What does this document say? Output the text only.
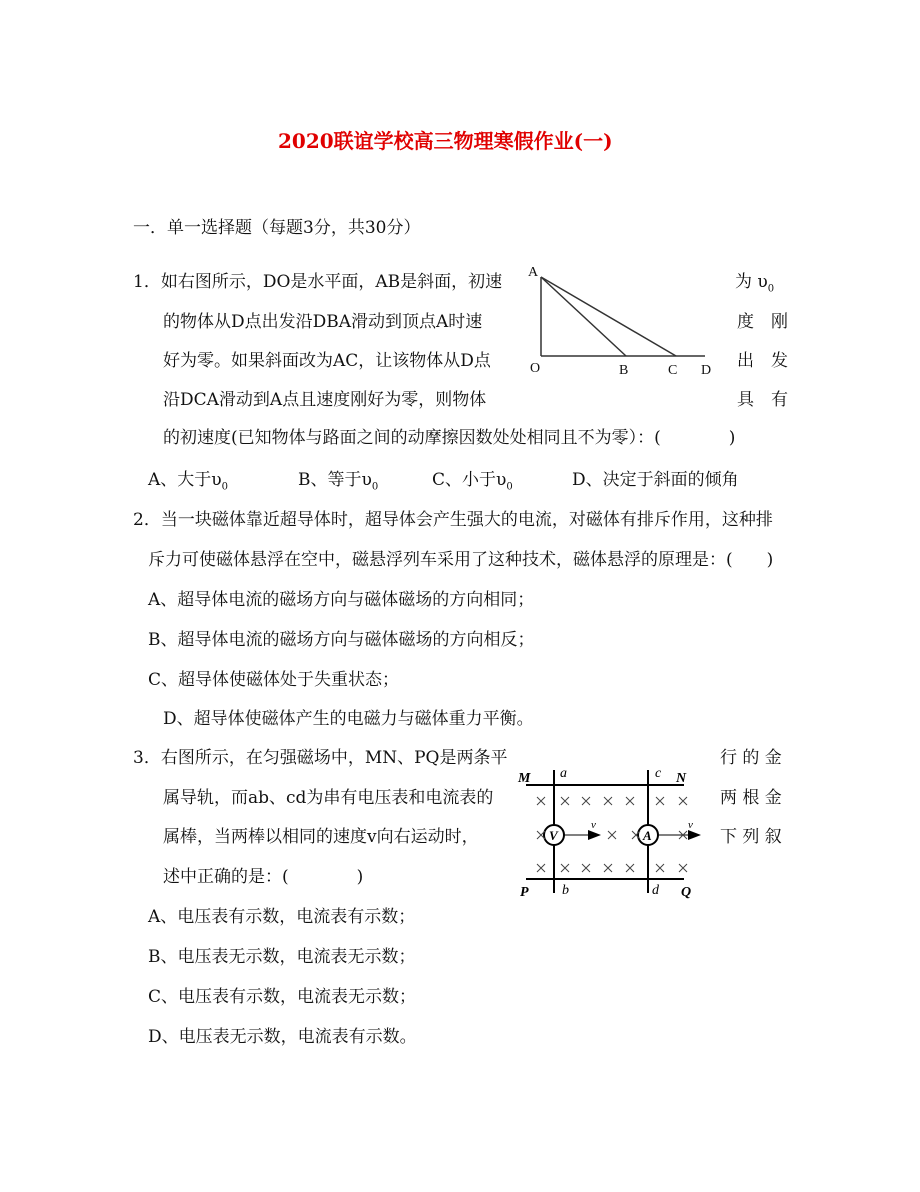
2020联谊学校高三物理寒假作业(一)
一．单一选择题（每题3分，共30分）
1．如右图所示，DO是水平面，AB是斜面，初速
的物体从D点出发沿DBA滑动到顶点A时速
好为零。如果斜面改为AC，让该物体从D点
沿DCA滑动到A点且速度刚好为零，则物体
的初速度(已知物体与路面之间的动摩擦因数处处相同且不为零）：(　　　　)
为 $\upsilon_0$
度　刚
出　发
具　有
A、大于$\upsilon_0$	B、等于$\upsilon_0$	C、小于$\upsilon_0$	D、决定于斜面的倾角
A
O	B	C D
M	N
P	Q
a
b
c
d
V	A
v	v
2．当一块磁体靠近超导体时，超导体会产生强大的电流，对磁体有排斥作用，这种排
斥力可使磁体悬浮在空中，磁悬浮列车采用了这种技术，磁体悬浮的原理是：(　　)
A、超导体电流的磁场方向与磁体磁场的方向相同；
B、超导体电流的磁场方向与磁体磁场的方向相反；
C、超导体使磁体处于失重状态；
D、超导体使磁体产生的电磁力与磁体重力平衡。
3．右图所示，在匀强磁场中，MN、PQ是两条平
属导轨，而ab、cd为串有电压表和电流表的
属棒，当两棒以相同的速度v向右运动时，
述中正确的是：(　　　　)
行 的 金
两 根 金
下 列 叙
A、电压表有示数，电流表有示数；
B、电压表无示数，电流表无示数；
C、电压表有示数，电流表无示数；
D、电压表无示数，电流表有示数。
